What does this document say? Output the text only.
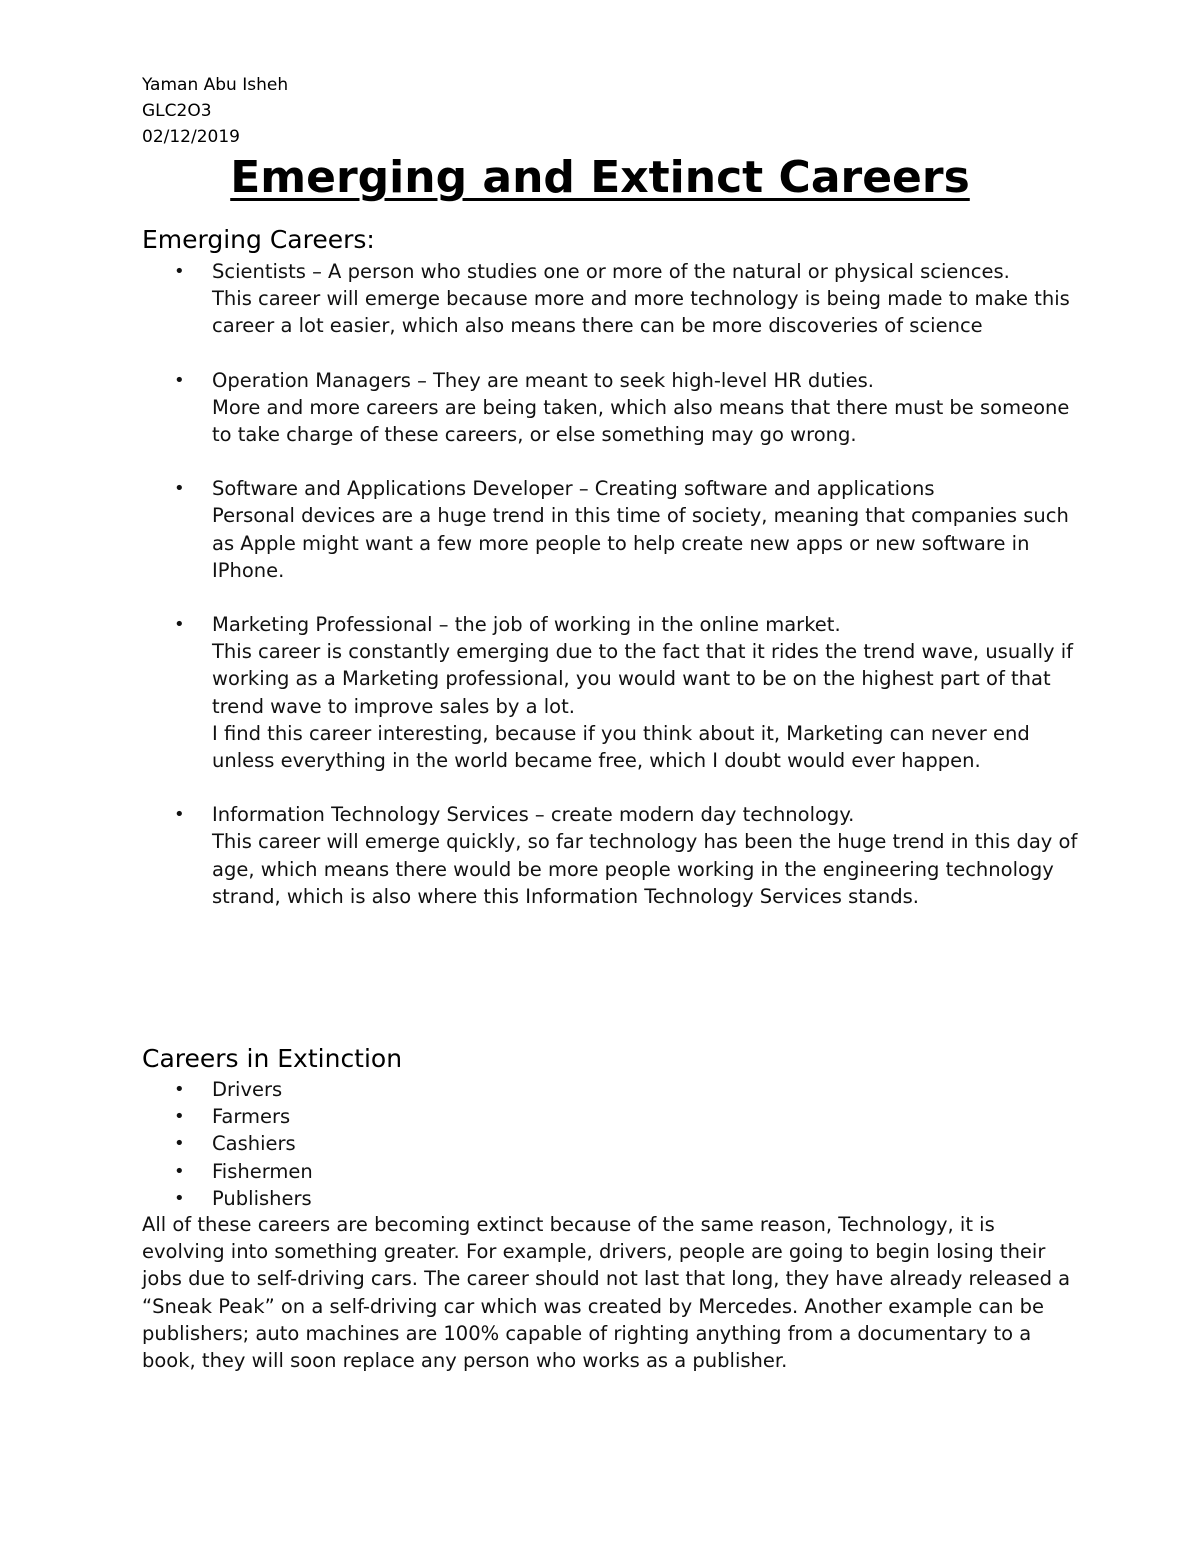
Yaman Abu Isheh
GLC2O3
02/12/2019
Emerging and Extinct Careers
Emerging Careers:
• Scientists – A person who studies one or more of the natural or physical sciences.

This career will emerge because more and more technology is being made to make this career a lot easier, which also means there can be more discoveries of science

• Operation Managers – They are meant to seek high-level HR duties.

More and more careers are being taken, which also means that there must be someone to take charge of these careers, or else something may go wrong.

• Software and Applications Developer – Creating software and applications

Personal devices are a huge trend in this time of society, meaning that companies such as Apple might want a few more people to help create new apps or new software in IPhone.

• Marketing Professional – the job of working in the online market.

This career is constantly emerging due to the fact that it rides the trend wave, usually if working as a Marketing professional, you would want to be on the highest part of that trend wave to improve sales by a lot.

I find this career interesting, because if you think about it, Marketing can never end unless everything in the world became free, which I doubt would ever happen.

• Information Technology Services – create modern day technology.

This career will emerge quickly, so far technology has been the huge trend in this day of age, which means there would be more people working in the engineering technology strand, which is also where this Information Technology Services stands.

Careers in Extinction
• Drivers
• Farmers
• Cashiers
• Fishermen
• Publishers

All of these careers are becoming extinct because of the same reason, Technology, it is evolving into something greater. For example, drivers, people are going to begin losing their jobs due to self-driving cars. The career should not last that long, they have already released a “Sneak Peak” on a self-driving car which was created by Mercedes. Another example can be publishers; auto machines are 100% capable of righting anything from a documentary to a book, they will soon replace any person who works as a publisher.
